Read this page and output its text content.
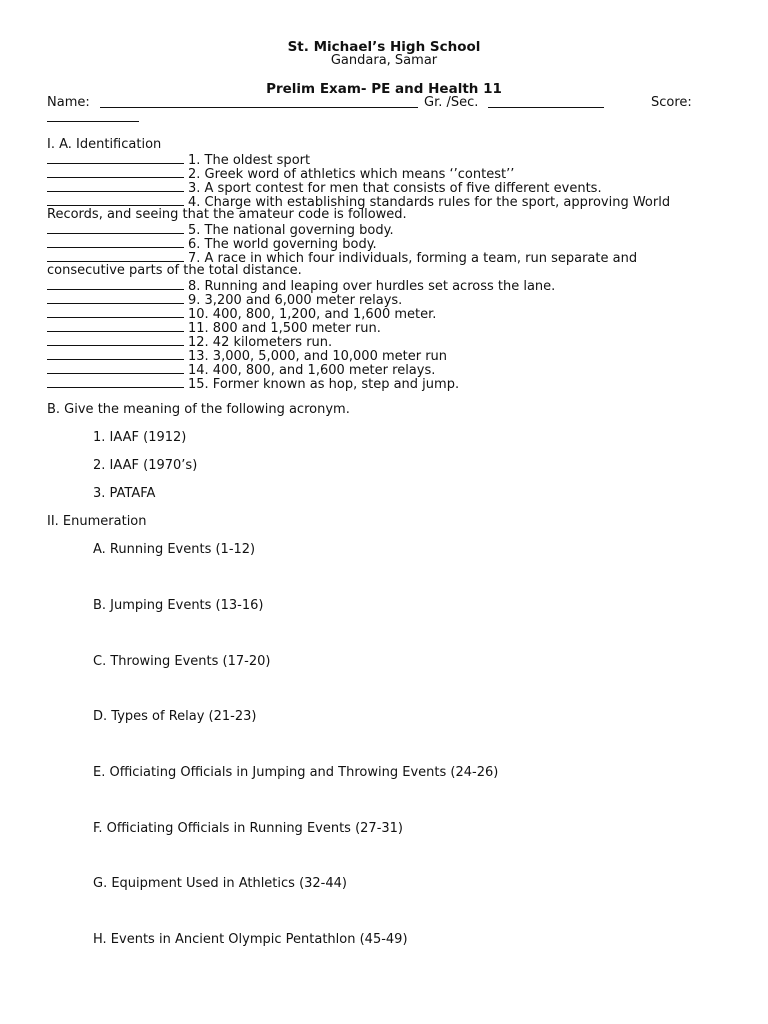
St. Michael’s High School
Gandara, Samar
Prelim Exam- PE and Health 11
Name:	Gr. /Sec.	Score:
I. A. Identification
1. The oldest sport
2. Greek word of athletics which means ‘’contest’’
3. A sport contest for men that consists of five different events.
4. Charge with establishing standards rules for the sport, approving World
Records, and seeing that the amateur code is followed.
5. The national governing body.
6. The world governing body.
7. A race in which four individuals, forming a team, run separate and
consecutive parts of the total distance.
8. Running and leaping over hurdles set across the lane.
9. 3,200 and 6,000 meter relays.
10. 400, 800, 1,200, and 1,600 meter.
11. 800 and 1,500 meter run.
12. 42 kilometers run.
13. 3,000, 5,000, and 10,000 meter run
14. 400, 800, and 1,600 meter relays.
15. Former known as hop, step and jump.
B. Give the meaning of the following acronym.
1. IAAF (1912)
2. IAAF (1970’s)
3. PATAFA
II. Enumeration
A. Running Events (1-12)
B. Jumping Events (13-16)
C. Throwing Events (17-20)
D. Types of Relay (21-23)
E. Officiating Officials in Jumping and Throwing Events (24-26)
F. Officiating Officials in Running Events (27-31)
G. Equipment Used in Athletics (32-44)
H. Events in Ancient Olympic Pentathlon (45-49)
